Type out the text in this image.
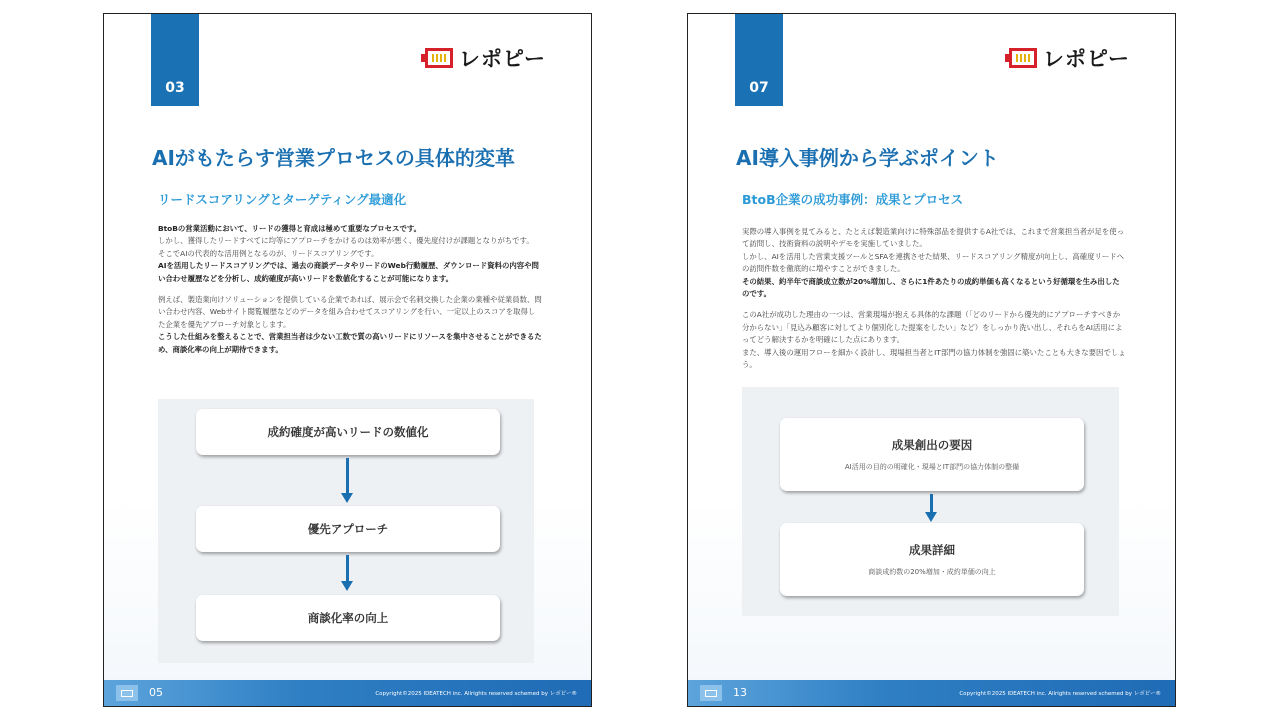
03
レポピー
AIがもたらす営業プロセスの具体的変革
リードスコアリングとターゲティング最適化

BtoBの営業活動において、リードの獲得と育成は極めて重要なプロセスです。

しかし、獲得したリードすべてに均等にアプローチをかけるのは効率が悪く、優先度付けが課題となりがちです。

そこでAIの代表的な活用例となるのが、リードスコアリングです。

AIを活用したリードスコアリングでは、過去の商談データやリードのWeb行動履歴、ダウンロード資料の内容や問い合わせ履歴などを分析し、成約確度が高いリードを数値化することが可能になります。

例えば、製造業向けソリューションを提供している企業であれば、展示会で名刺交換した企業の業種や従業員数、問い合わせ内容、Webサイト閲覧履歴などのデータを組み合わせてスコアリングを行い、一定以上のスコアを取得した企業を優先アプローチ対象とします。

こうした仕組みを整えることで、営業担当者は少ない工数で質の高いリードにリソースを集中させることができるため、商談化率の向上が期待できます。

成約確度が高いリードの数値化
優先アプローチ
商談化率の向上
05	Copyright©2025 IDEATECH inc. Allrights reserved schemed by レポピー®
07
レポピー
AI導入事例から学ぶポイント
BtoB企業の成功事例：成果とプロセス

実際の導入事例を見てみると、たとえば製造業向けに特殊部品を提供するA社では、これまで営業担当者が足を使って訪問し、技術資料の説明やデモを実施していました。

しかし、AIを活用した営業支援ツールとSFAを連携させた結果、リードスコアリング精度が向上し、高確度リードへの訪問件数を徹底的に増やすことができました。

その結果、約半年で商談成立数が20%増加し、さらに1件あたりの成約単価も高くなるという好循環を生み出したのです。

このA社が成功した理由の一つは、営業現場が抱える具体的な課題（「どのリードから優先的にアプローチすべきか分からない」「見込み顧客に対してより個別化した提案をしたい」など）をしっかり洗い出し、それらをAI活用によってどう解決するかを明確にした点にあります。

また、導入後の運用フローを細かく設計し、現場担当者とIT部門の協力体制を強固に築いたことも大きな要因でしょう。

成果創出の要因
AI活用の目的の明確化・現場とIT部門の協力体制の整備
成果詳細
商談成約数の20%増加・成約単価の向上
13	Copyright©2025 IDEATECH inc. Allrights reserved schemed by レポピー®
